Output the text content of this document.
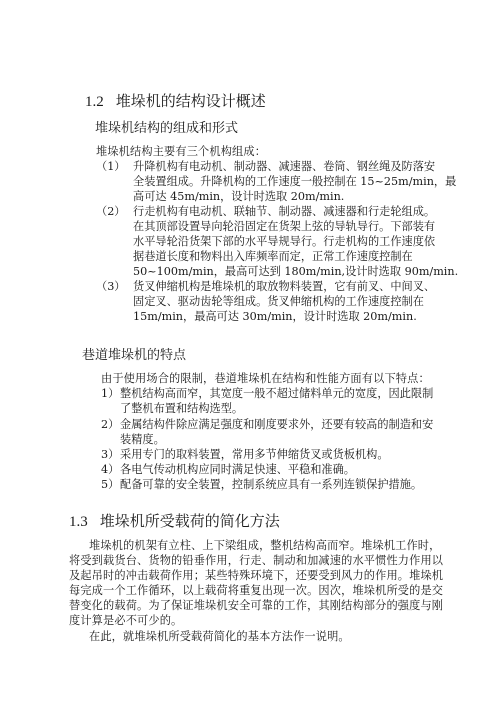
1.2 堆垛机的结构设计概述
堆垛机结构的组成和形式
堆垛机结构主要有三个机构组成：
（1） 升降机构有电动机、制动器、减速器、卷筒、钢丝绳及防落安
全装置组成。升降机构的工作速度一般控制在 15~25m/min，最
高可达 45m/min，设计时选取 20m/min.
（2） 行走机构有电动机、联轴节、制动器、减速器和行走轮组成。
在其顶部设置导向轮沿固定在货架上弦的导轨导行。下部装有
水平导轮沿货架下部的水平导规导行。行走机构的工作速度依
据巷道长度和物料出入库频率而定，正常工作速度控制在
50~100m/min，最高可达到 180m/min,设计时选取 90m/min.
（3） 货叉伸缩机构是堆垛机的取放物料装置，它有前叉、中间叉、
固定叉、驱动齿轮等组成。货叉伸缩机构的工作速度控制在
15m/min，最高可达 30m/min，设计时选取 20m/min.
巷道堆垛机的特点
由于使用场合的限制，巷道堆垛机在结构和性能方面有以下特点：
1） 整机结构高而窄，其宽度一般不超过储料单元的宽度，因此限制
了整机布置和结构选型。
2） 金属结构件除应满足强度和刚度要求外，还要有较高的制造和安
装精度。
3） 采用专门的取料装置，常用多节伸缩货叉或货板机构。
4） 各电气传动机构应同时满足快速、平稳和准确。
5） 配备可靠的安全装置，控制系统应具有一系列连锁保护措施。
1.3 堆垛机所受载荷的简化方法
堆垛机的机架有立柱、上下梁组成，整机结构高而窄。堆垛机工作时，
将受到载货台、货物的铅垂作用，行走、制动和加减速的水平惯性力作用以
及起吊时的冲击载荷作用；某些特殊环境下，还要受到风力的作用。堆垛机
每完成一个工作循环，以上载荷将重复出现一次。因次，堆垛机所受的是交
替变化的载荷。为了保证堆垛机安全可靠的工作，其刚结构部分的强度与刚
度计算是必不可少的。
在此，就堆垛机所受载荷简化的基本方法作一说明。
